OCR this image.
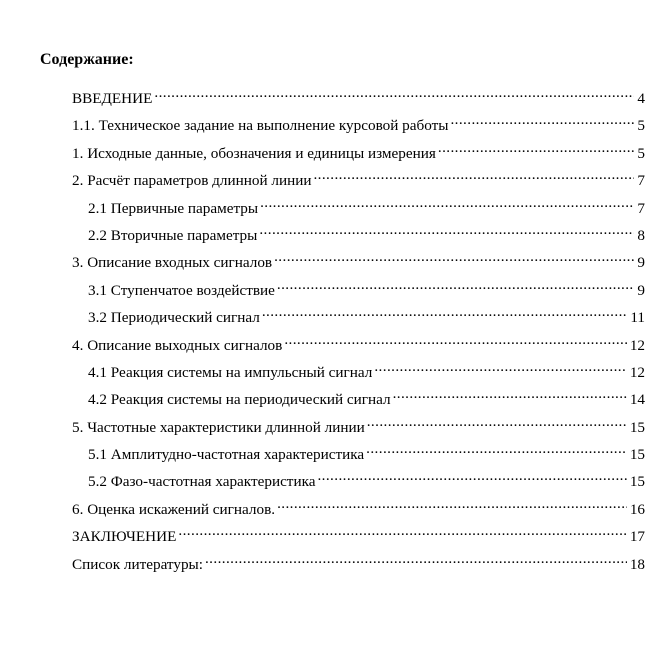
Содержание:
ВВЕДЕНИЕ .....	4
1.1. Техническое задание на выполнение курсовой работы .....	5
1. Исходные данные, обозначения и единицы измерения .....	5
2. Расчёт параметров длинной линии .....	7
2.1 Первичные параметры .....	7
2.2 Вторичные параметры .....	8
3. Описание входных сигналов .....	9
3.1 Ступенчатое воздействие .....	9
3.2 Периодический сигнал .....	11
4. Описание выходных сигналов .....	12
4.1 Реакция системы на импульсный сигнал .....	12
4.2 Реакция системы на периодический сигнал .....	14
5. Частотные характеристики длинной линии .....	15
5.1 Амплитудно-частотная характеристика .....	15
5.2 Фазо-частотная характеристика .....	15
6. Оценка искажений сигналов. .....	16
ЗАКЛЮЧЕНИЕ .....	17
Список литературы: .....	18
